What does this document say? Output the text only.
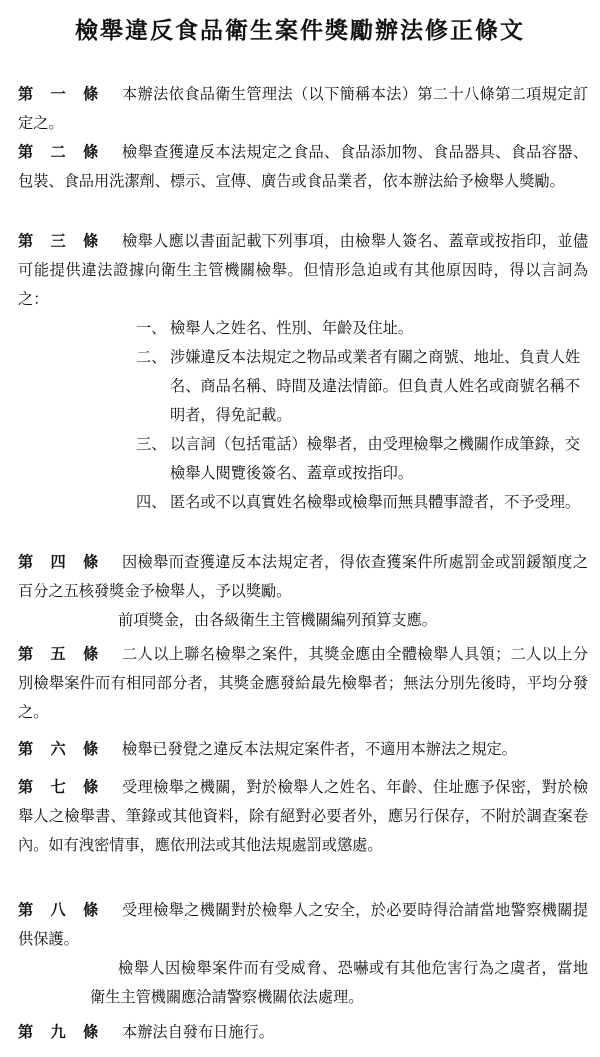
檢舉違反食品衛生案件獎勵辦法修正條文
第 一 條	本辦法依食品衛生管理法（以下簡稱本法）第二十八條第二項規定訂定之。

第 二 條	檢舉查獲違反本法規定之食品、食品添加物、食品器具、食品容器、包裝、食品用洗潔劑、標示、宣傳、廣告或食品業者，依本辦法給予檢舉人獎勵。

第 三 條	檢舉人應以書面記載下列事項，由檢舉人簽名、蓋章或按指印，並儘可能提供違法證據向衛生主管機關檢舉。但情形急迫或有其他原因時，得以言詞為之：

一、 檢舉人之姓名、性別、年齡及住址。
二、 涉嫌違反本法規定之物品或業者有關之商號、地址、負責人姓名、商品名稱、時間及違法情節。但負責人姓名或商號名稱不明者，得免記載。
三、 以言詞（包括電話）檢舉者，由受理檢舉之機關作成筆錄，交檢舉人閱覽後簽名、蓋章或按指印。
四、 匿名或不以真實姓名檢舉或檢舉而無具體事證者，不予受理。
第 四 條	因檢舉而查獲違反本法規定者，得依查獲案件所處罰金或罰鍰額度之百分之五核發獎金予檢舉人，予以獎勵。

前項獎金，由各級衛生主管機關編列預算支應。

第 五 條	二人以上聯名檢舉之案件，其獎金應由全體檢舉人具領；二人以上分別檢舉案件而有相同部分者，其獎金應發給最先檢舉者；無法分別先後時，平均分發之。

第 六 條	檢舉已發覺之違反本法規定案件者，不適用本辦法之規定。

第 七 條	受理檢舉之機關，對於檢舉人之姓名、年齡、住址應予保密，對於檢舉人之檢舉書、筆錄或其他資料，除有絕對必要者外，應另行保存，不附於調查案卷內。如有洩密情事，應依刑法或其他法規處罰或懲處。

第 八 條	受理檢舉之機關對於檢舉人之安全，於必要時得洽請當地警察機關提供保護。

檢舉人因檢舉案件而有受威脅、恐嚇或有其他危害行為之虞者，當地衛生主管機關應洽請警察機關依法處理。

第 九 條	本辦法自發布日施行。
